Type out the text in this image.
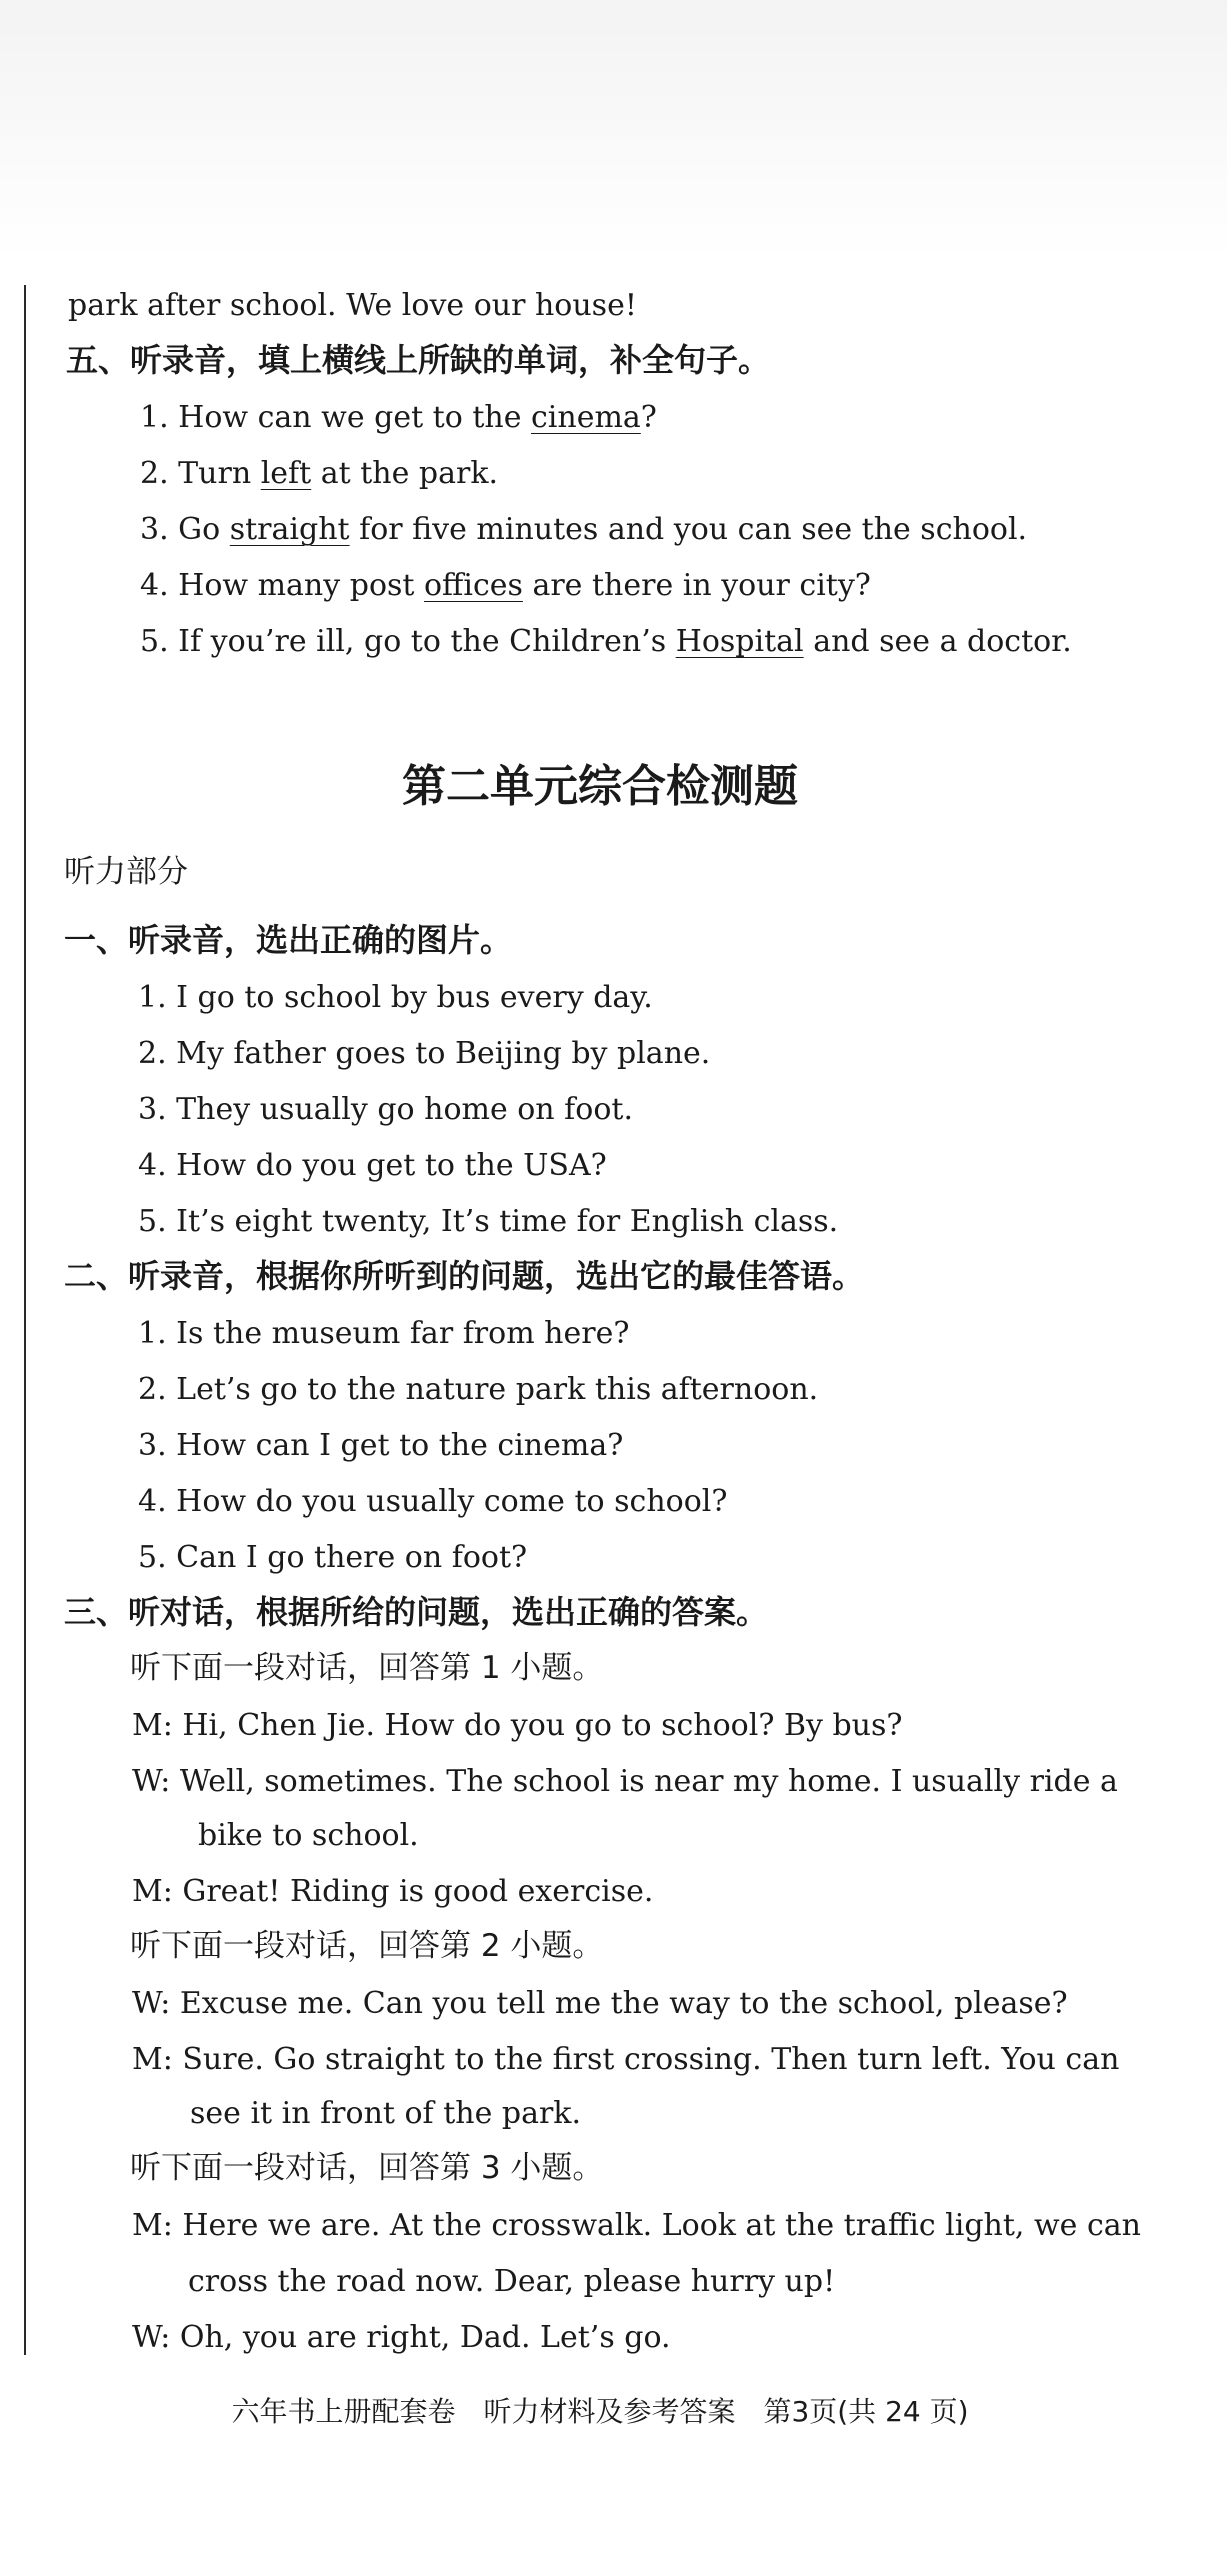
park after school. We love our house!
五、听录音，填上横线上所缺的单词，补全句子。
1. How can we get to the cinema?
2. Turn left at the park.
3. Go straight for five minutes and you can see the school.
4. How many post offices are there in your city?
5. If you’re ill, go to the Children’s Hospital and see a doctor.
第二单元综合检测题
听力部分
一、听录音，选出正确的图片。
1. I go to school by bus every day.
2. My father goes to Beijing by plane.
3. They usually go home on foot.
4. How do you get to the USA?
5. It’s eight twenty, It’s time for English class.
二、听录音，根据你所听到的问题，选出它的最佳答语。
1. Is the museum far from here?
2. Let’s go to the nature park this afternoon.
3. How can I get to the cinema?
4. How do you usually come to school?
5. Can I go there on foot?
三、听对话，根据所给的问题，选出正确的答案。
听下面一段对话，回答第 1 小题。
M: Hi, Chen Jie. How do you go to school? By bus?
W: Well, sometimes. The school is near my home. I usually ride a
bike to school.
M: Great! Riding is good exercise.
听下面一段对话，回答第 2 小题。
W: Excuse me. Can you tell me the way to the school, please?
M: Sure. Go straight to the first crossing. Then turn left. You can
see it in front of the park.
听下面一段对话，回答第 3 小题。
M: Here we are. At the crosswalk. Look at the traffic light, we can
cross the road now. Dear, please hurry up!
W: Oh, you are right, Dad. Let’s go.
六年书上册配套卷　听力材料及参考答案　第3页(共 24 页)
